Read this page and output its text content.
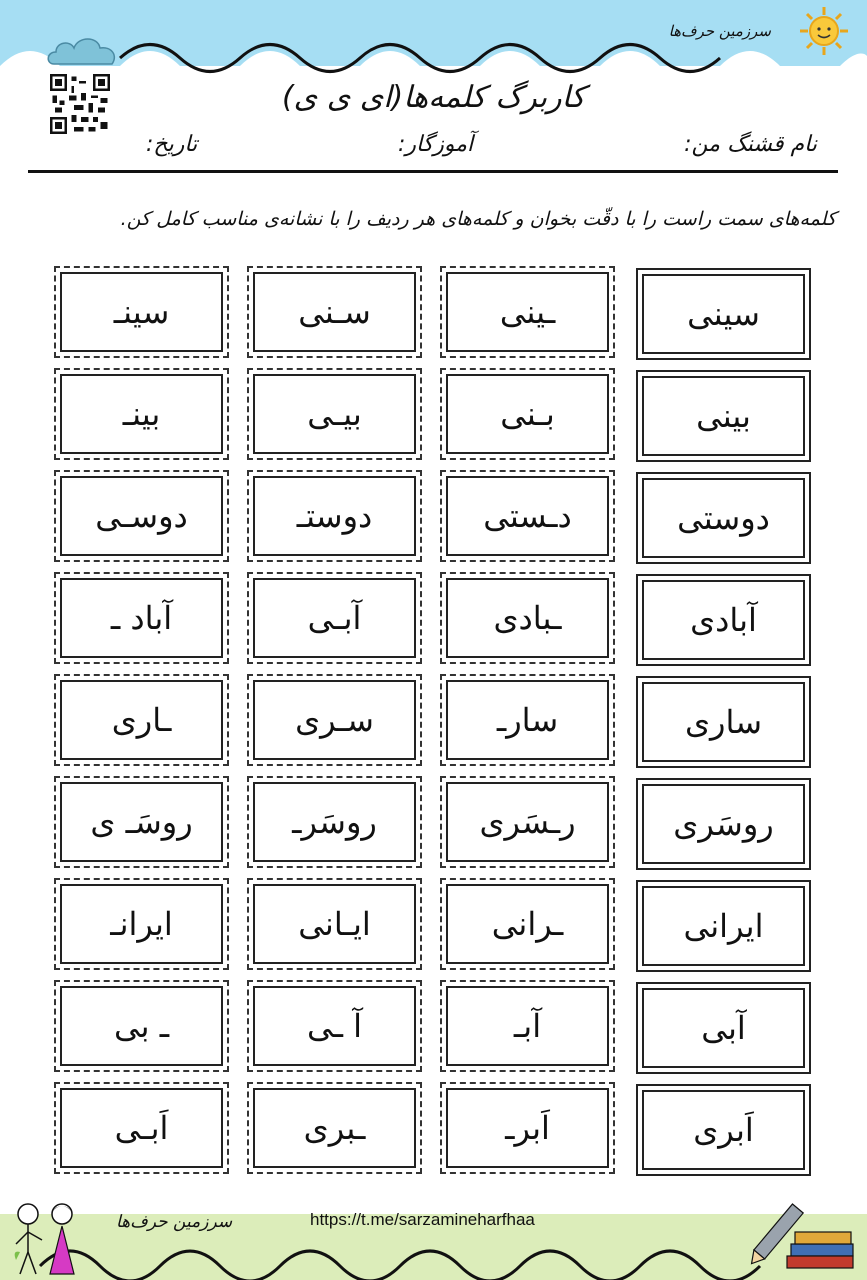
سرزمین حرف‌ها
کاربرگ کلمه‌ها(ای ی ی)
نام قشنگ من:
آموزگار:
تاریخ:
کلمه‌های سمت راست را با دقّت بخوان و کلمه‌های هر ردیف را با نشانه‌ی مناسب کامل کن.
سینی
ـینی
سـنی
سینـ
بینی
بـنی
بیـی
بینـ
دوستی
دـستی
دوستـ
دوسـی
آبادی
ـبادی
آبـی
آباد ـ
ساری
سارـ
سـری
ـاری
روسَری
رـسَری
روسَرـ
روسَـ ی
ایرانی
ـرانی
ایـانی
ایرانـ
آبی
آبـ
آ ـی
ـ بی
اَبری
اَبرـ
ـبری
اَبـی
https://t.me/sarzamineharfhaa
سرزمین حرف‌ها
